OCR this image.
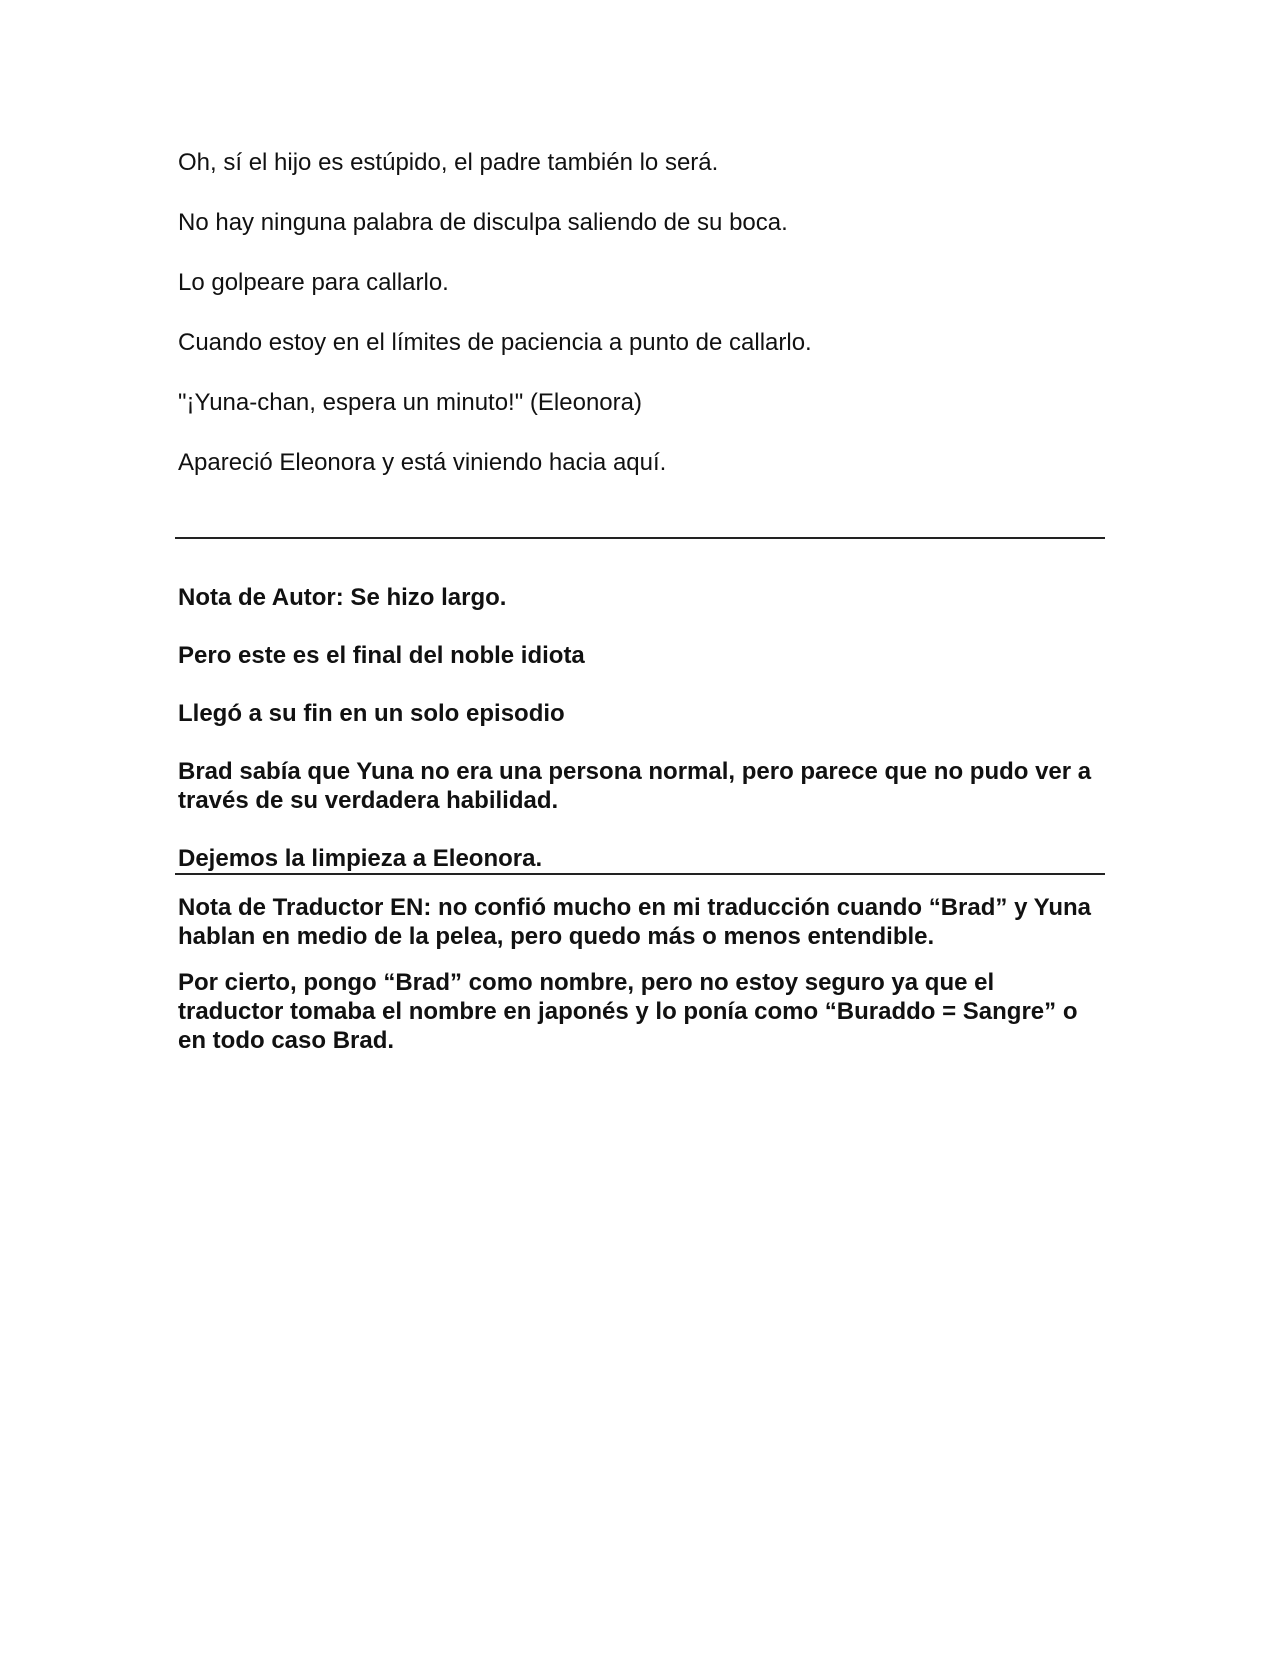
Oh, sí el hijo es estúpido, el padre también lo será.

No hay ninguna palabra de disculpa saliendo de su boca.

Lo golpeare para callarlo.

Cuando estoy en el límites de paciencia a punto de callarlo.

"¡Yuna-chan, espera un minuto!" (Eleonora)

Apareció Eleonora y está viniendo hacia aquí.

Nota de Autor: Se hizo largo.

Pero este es el final del noble idiota

Llegó a su fin en un solo episodio

Brad sabía que Yuna no era una persona normal, pero parece que no pudo ver a través de su verdadera habilidad.

Dejemos la limpieza a Eleonora.

Nota de Traductor EN: no confió mucho en mi traducción cuando “Brad” y Yuna hablan en medio de la pelea, pero quedo más o menos entendible.

Por cierto, pongo “Brad” como nombre, pero no estoy seguro ya que el traductor tomaba el nombre en japonés y lo ponía como “Buraddo = Sangre” o en todo caso Brad.
